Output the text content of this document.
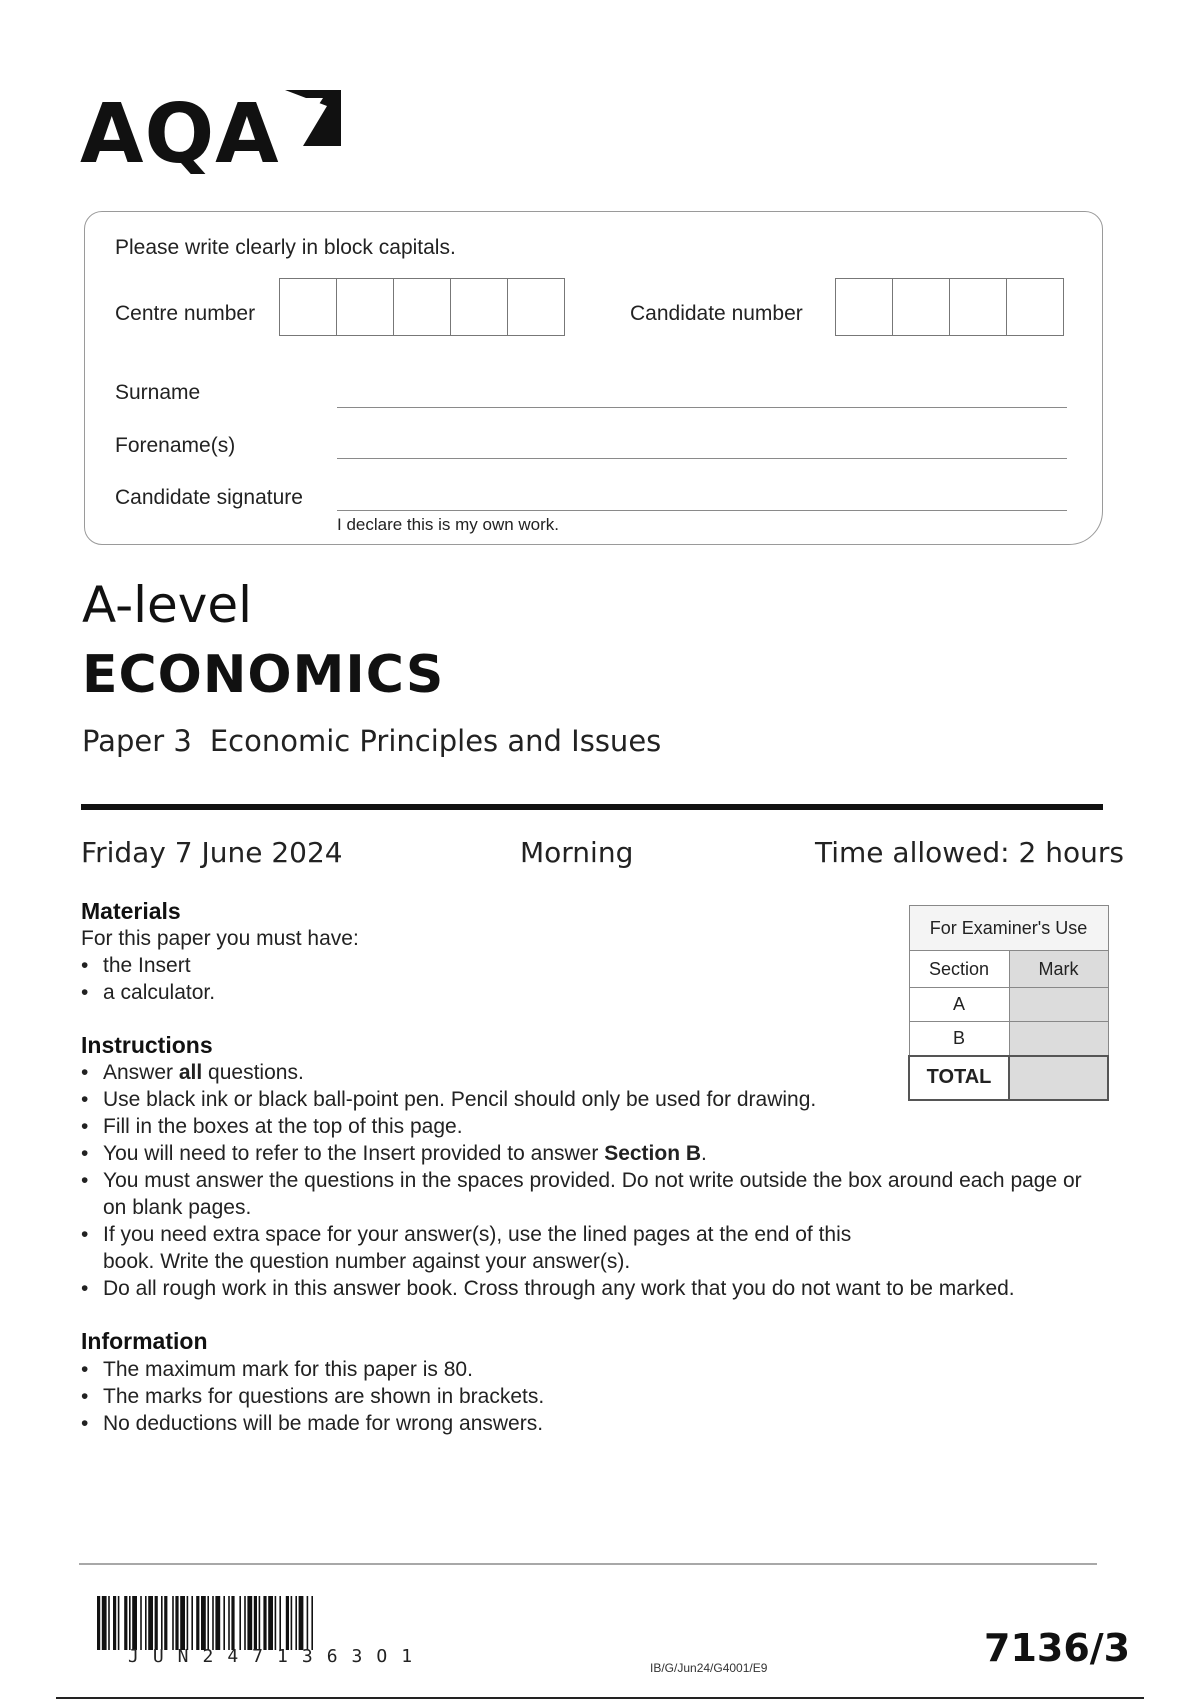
AQA
Please write clearly in block capitals.
Centre number	Candidate number
Surname
Forename(s)
Candidate signature
I declare this is my own work.
A-level
ECONOMICS
Paper 3 Economic Principles and Issues
Friday 7 June 2024	Morning	Time allowed: 2 hours
Materials
For this paper you must have:
• the Insert
• a calculator.
For Examiner's Use	
Section	Mark
A	
B	
TOTAL	
Instructions
• Answer all questions.
• Use black ink or black ball-point pen. Pencil should only be used for drawing.
• Fill in the boxes at the top of this page.
• You will need to refer to the Insert provided to answer Section B.
• You must answer the questions in the spaces provided. Do not write outside the box around each page or on blank pages.
• If you need extra space for your answer(s), use the lined pages at the end of this book. Write the question number against your answer(s).
• Do all rough work in this answer book. Cross through any work that you do not want to be marked.
Information
• The maximum mark for this paper is 80.
• The marks for questions are shown in brackets.
• No deductions will be made for wrong answers.
JUN2471363O1
IB/G/Jun24/G4001/E9	7136/3
